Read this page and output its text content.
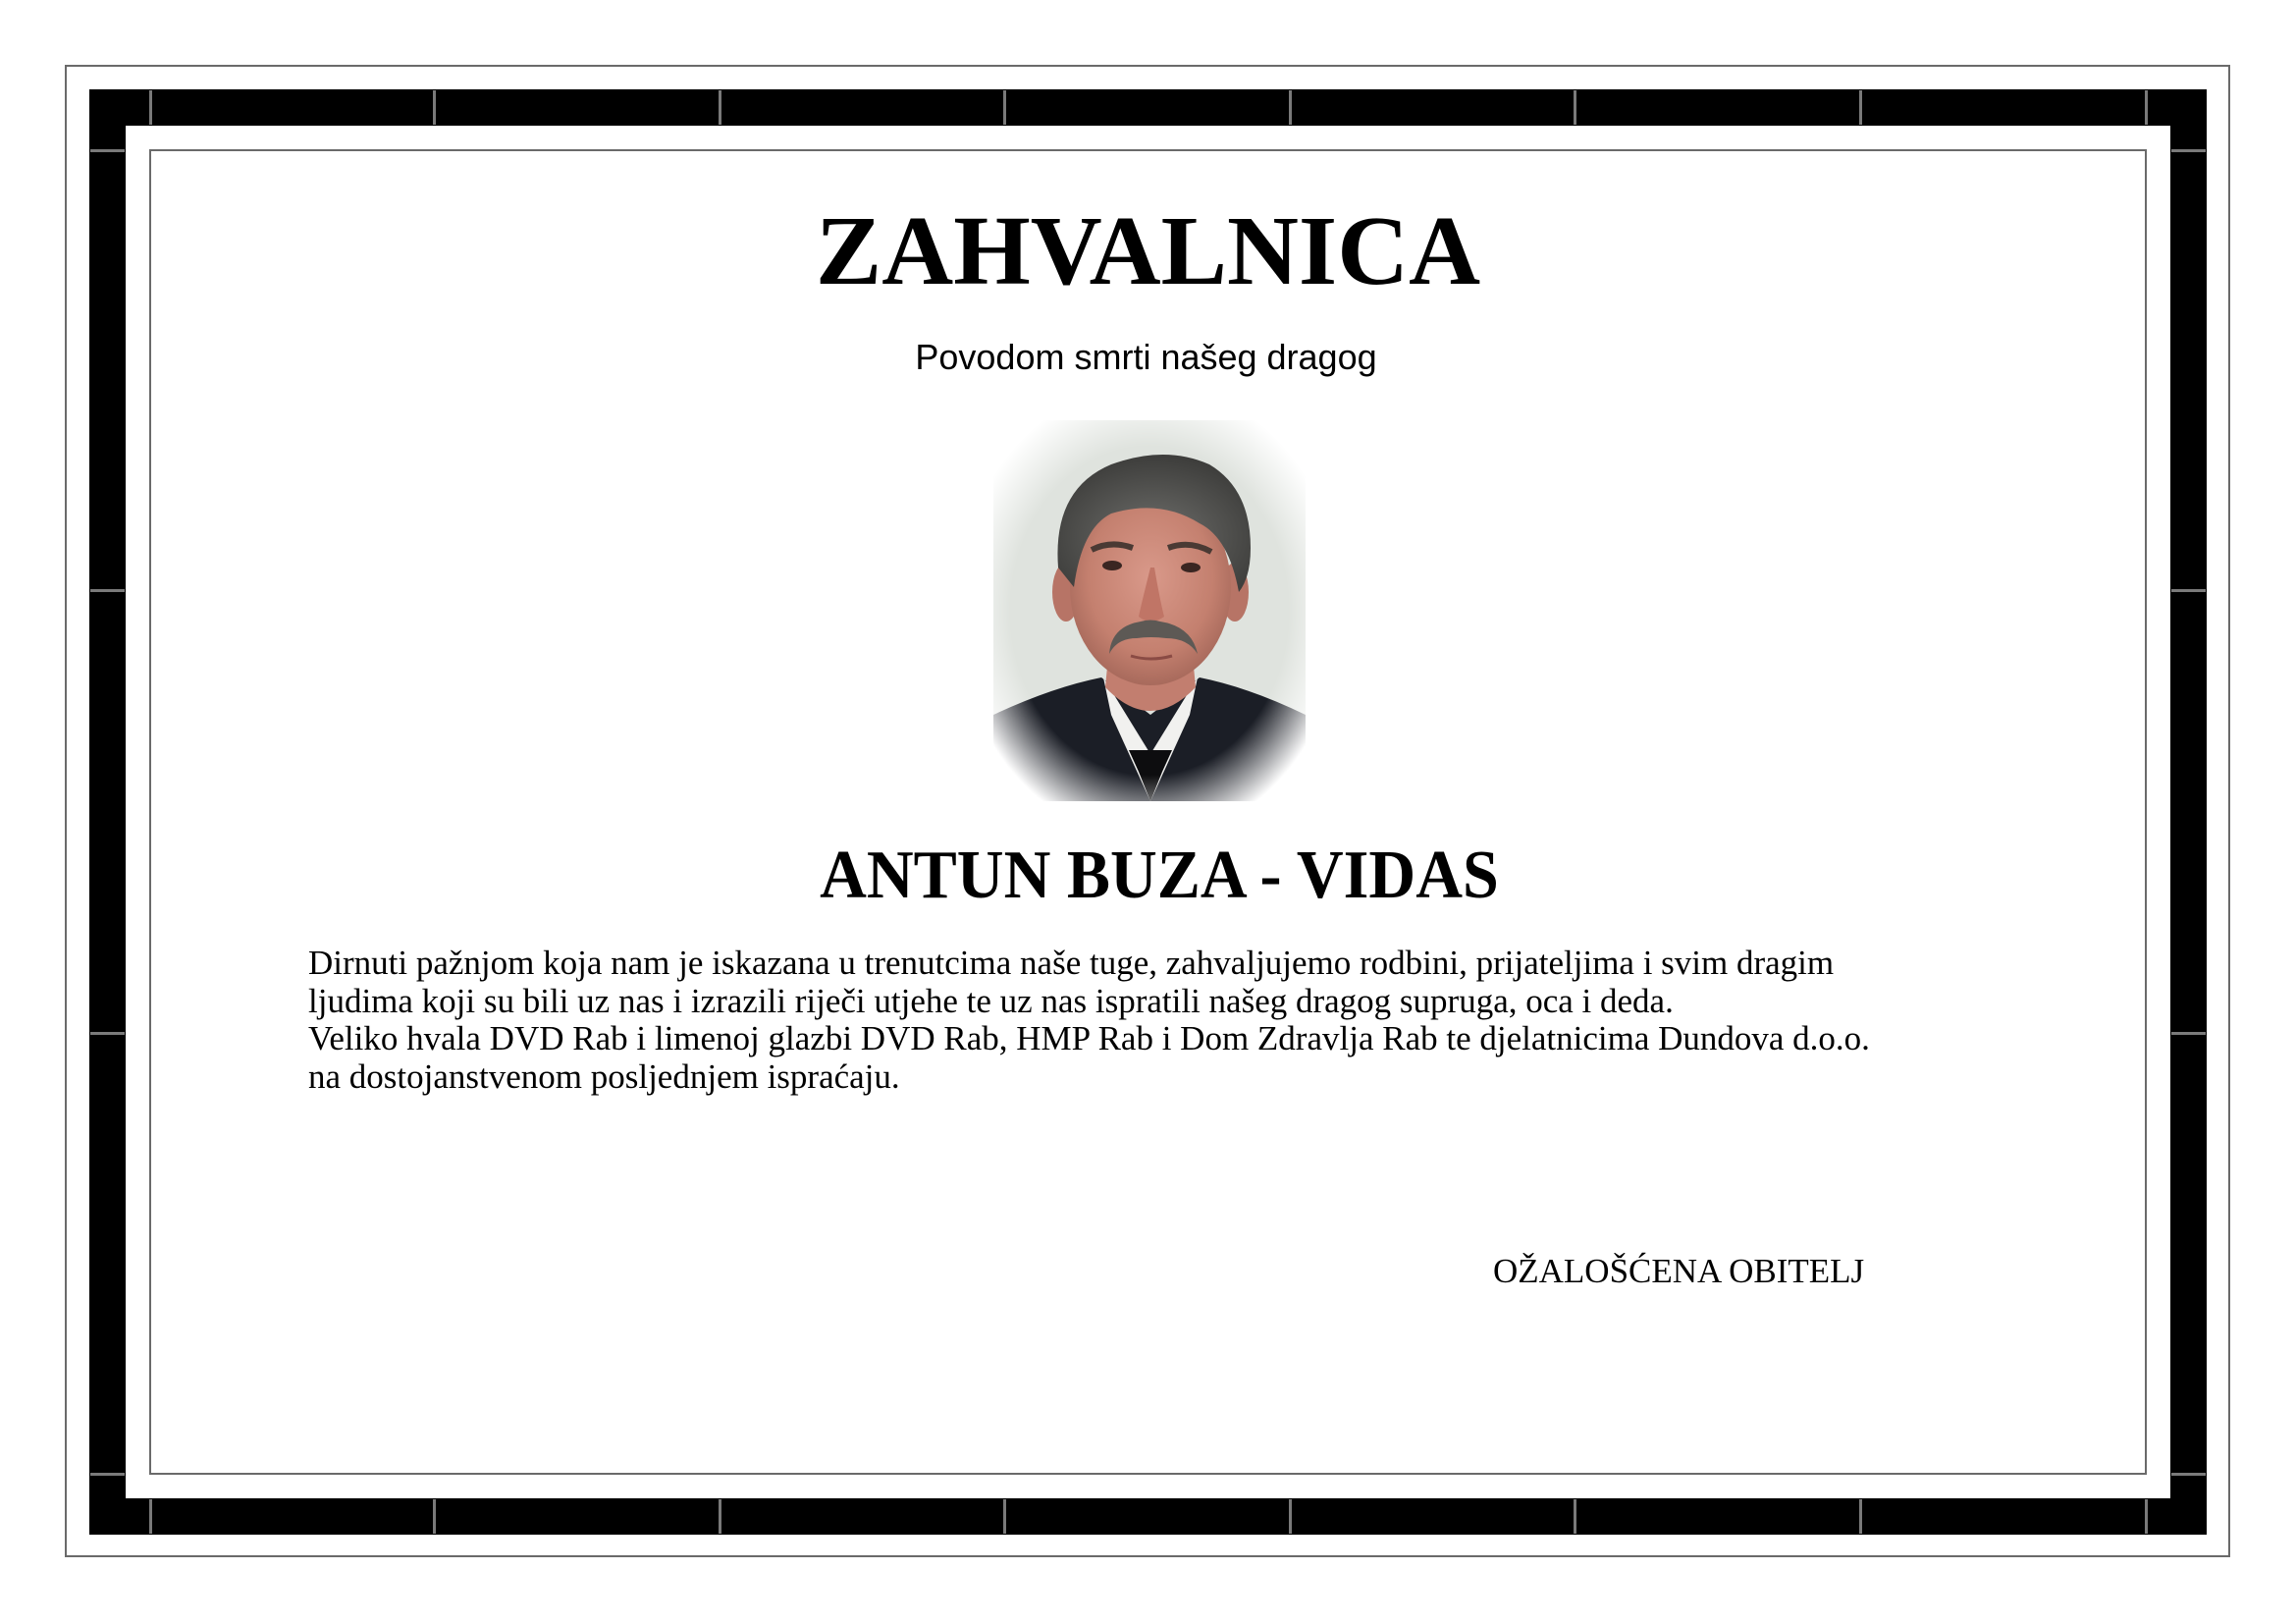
ZAHVALNICA
Povodom smrti našeg dragog
ANTUN BUZA - VIDAS
Dirnuti pažnjom koja nam je iskazana u trenutcima naše tuge, zahvaljujemo rodbini, prijateljima i svim dragim
ljudima koji su bili uz nas i izrazili riječi utjehe te uz nas ispratili našeg dragog supruga, oca i deda.
Veliko hvala DVD Rab i limenoj glazbi DVD Rab, HMP Rab i Dom Zdravlja Rab te djelatnicima Dundova d.o.o.
na dostojanstvenom posljednjem ispraćaju.
OŽALOŠĆENA OBITELJ
